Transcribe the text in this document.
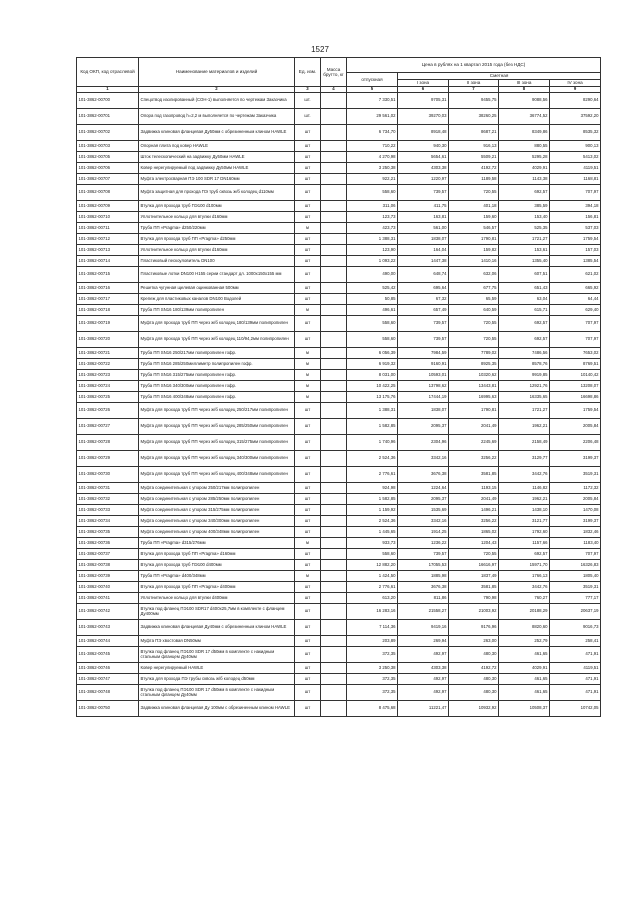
1527
Код ОКП, код отраслевой	Наименование материалов и изделий	Ед. изм.	Масса брутто, кг	Цена в рублях на 1 квартал 2015 года (без НДС)				
				отпускная	Сметная			
					I зона	II зона	III зона	IV зона
1	2	3	4	5	6	7	8	9
101-3862-00700	Спецотвод изолированный (СОН-1) выполняется по чертежам Заказчика	шт.		7 330,51	9705,31	9455,75	9088,56	8290,64
101-3862-00701	Опора под газопровод h=2,2 м выполняется по чертежам Заказчика	шт.		29 561,02	39270,03	38260,25	36774,52	37592,20
101-3862-00702	Задвижка клиновая фланцевая Ду50мм с обрезиненным клином HAWLE	шт		6 734,70	8918,48	8687,21	8349,86	8535,32
101-3862-00703	Опорная плита под ковер HAWLE	шт		710,22	940,30	916,13	880,55	900,13
101-3862-00705	Шток телескопический на задвижку Ду50мм HAWLE	шт		4 270,98	5654,61	5509,21	5295,28	5413,02
101-3862-00706	Ковер нерегулируемый под задвижку Ду50мм HAWLE	шт		3 250,38	4303,38	4192,72	4029,91	4119,51
101-3862-00707	Муфта электросварная ПЭ 100 SDR 17 DN160мм	шт		922,21	1220,97	1189,58	1143,38	1168,81
101-3862-00708	Муфта защитная для прохода ПЭ труб сквозь ж/б колодец d110мм	шт		558,60	739,57	720,55	692,57	707,97
101-3862-00709	Втулка для прохода труб ПЭ100 d100мм	шт		311,06	411,75	401,18	385,59	394,18
101-3862-00710	Уплотнительное кольцо для втулки d160мм	шт		123,73	163,81	159,60	153,40	156,81
101-3862-00711	Труба ПП «Pragma» d250/220мм	м		423,73	561,00	546,57	525,35	537,03
101-3862-00712	Втулка для прохода труб ПП «Pragma» d250мм	шт		1 388,31	1838,07	1790,81	1721,27	1759,54
101-3862-00713	Уплотнительное кольцо для втулки d160мм	шт		123,90	164,04	159,82	153,61	157,03
101-3862-00714	Пластиковый пескоуловитель DN100	шт		1 093,22	1447,38	1410,16	1355,40	1385,54
101-3862-00715	Пластиковые лотки DN100 H155 серии стандарт дл. 1000х150х155 мм	шт		490,00	648,74	632,06	607,51	621,02
101-3862-00716	Решетка чугунная щелевая оцинкованная 500мм	шт		525,42	695,64	677,75	651,43	665,92
101-3862-00717	Крепеж для пластиковых каналов DN100 Водолей	шт		50,85	67,32	65,59	63,04	64,44
101-3862-00718	Труба ПП SN16 180/139мм полипропилен	м		496,61	657,49	640,59	615,71	629,40
101-3862-00719	Муфта для прохода труб ПП через ж/б колодец 180/139мм полипропилен	шт		558,60	739,57	720,55	692,57	707,97
101-3862-00720	Муфта для прохода труб ПП через ж/б колодец 110/94,2мм полипропилен	шт		558,60	739,57	720,55	692,57	707,97
101-3862-00721	Труба ПП SN16 250/217мм полипропилен гофр.	м		6 056,39	7984,59	7789,02	7486,56	7653,02
101-3862-00722	Труба ПП SN16 285/250миллиметр полипропилен гофр.	м		6 919,32	9160,91	8925,35	8578,76	8769,51
101-3862-00723	Труба ПП SN16 315/275мм полипропилен гофр.	м		8 031,00	10593,01	10320,62	9919,85	10140,42
101-3862-00724	Труба ПП SN16 340/300мм полипропилен гофр.	м		10 422,25	13798,62	13443,81	12921,76	13208,07
101-3862-00725	Труба ПП SN16 400/348мм полипропилен гофр.	м		13 175,76	17444,19	16995,63	16335,65	16698,86
101-3862-00726	Муфта для прохода труб ПП через ж/б колодец 250/217мм полипропилен	шт		1 388,31	1838,07	1790,81	1721,27	1759,54
101-3862-00727	Муфта для прохода труб ПП через ж/б колодец 285/250мм полипропилен	шт		1 582,85	2095,37	2041,49	1962,21	2005,84
101-3862-00728	Муфта для прохода труб ПП через ж/б колодец 315/275мм полипропилен	шт		1 740,96	2304,96	2245,69	2158,49	2206,48
101-3862-00729	Муфта для прохода труб ПП через ж/б колодец 340/300мм полипропилен	шт		2 524,36	3342,16	3256,22	3129,77	3199,37
101-3862-00730	Муфта для прохода труб ПП через ж/б колодец 400/348мм полипропилен	шт		2 776,61	3676,38	3581,85	3442,76	3519,31
101-3862-00731	Муфта соединительная с упором 250/217мм полипропилен	шт		924,98	1224,64	1193,15	1146,82	1172,32
101-3862-00732	Муфта соединительная с упором 285/250мм полипропилен	шт		1 582,85	2095,37	2041,49	1962,21	2005,84
101-3862-00733	Муфта соединительная с упором 315/275мм полипропилен	шт		1 159,92	1535,69	1496,21	1438,10	1470,08
101-3862-00734	Муфта соединительная с упором 340/300мм полипропилен	шт		2 524,36	3342,16	3256,22	3121,77	3199,37
101-3862-00735	Муфта соединительная с упором 400/348мм полипропилен	шт		1 445,65	1914,25	1865,02	1792,60	1832,46
101-3862-00736	Труба ПП «Pragma» d315/276мм	м		933,73	1236,22	1204,43	1157,66	1183,40
101-3862-00737	Втулка для прохода труб ПП «Pragma» d160мм	шт		558,60	739,57	720,55	692,57	707,97
101-3862-00738	Втулка для прохода труб ПЭ100 d400мм	шт		12 882,20	17055,53	16616,97	15971,70	16326,83
101-3862-00739	Труба ПП «Pragma» d400/348мм	м		1 424,50	1885,98	1837,49	1766,13	1805,40
101-3862-00740	Втулка для прохода труб ПП «Pragma» d400мм	шт		2 776,61	3676,38	3581,85	3442,76	3519,31
101-3862-00741	Уплотнительное кольцо для втулки d400мм	шт		613,20	811,86	790,98	760,27	777,17
101-3862-00742	Втулка под фланец ПЭ100 SDR17 d400х25,7мм в комплекте с фланцем Ду400мм	шт		16 283,16	21558,27	21003,92	20188,29	20637,19
101-3862-00743	Задвижка клиновая фланцевая Ду40мм с обрезиненным клином HAWLE	шт		7 114,36	9419,16	9176,96	8820,60	9016,73
101-3862-00744	Муфта ПЭ хвостовая DN50мм	шт		203,89	269,94	263,00	252,79	258,41
101-3862-00745	Втулка под фланец ПЭ100 SDR 17 d50мм в комплекте с накидным стальным фланцем Ду40мм	шт		372,35	492,97	480,30	461,65	471,91
101-3862-00746	Ковер нерегулируемый HAWLE	шт		3 250,38	4303,38	4192,72	4029,91	4119,51
101-3862-00747	Втулка для прохода ПЭ трубы сквозь ж/б колодец d50мм	шт		372,35	492,97	480,30	461,65	471,91
101-3862-00748	Втулка под фланец ПЭ100 SDR 17 d50мм в комплекте с накидным стальным фланцем Ду40мм	шт		372,35	492,97	480,30	461,65	471,91
101-3862-00750	Задвижка клиновая фланцевая Ду 100мм с обрезиненным клином HAWLE	шт		8 475,68	11221,47	10932,92	10508,37	10742,05
